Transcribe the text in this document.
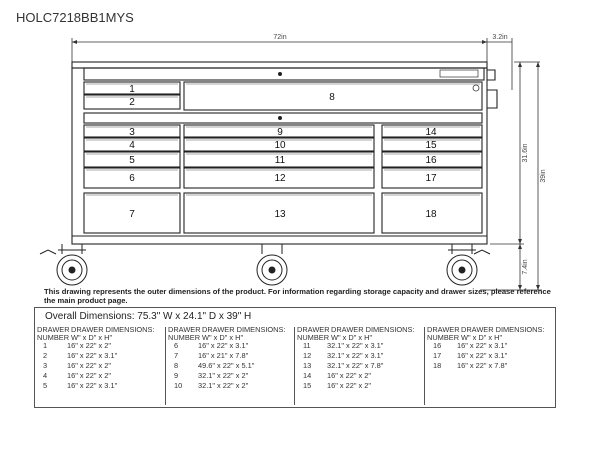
HOLC7218BB1MYS
1
2	8
3
4
5
6
7
9
10
11
12
13
14
15
16
17
18
72in	3.2in
31.6in
39in
7.4in
This drawing represents the outer dimensions of the product. For information regarding storage capacity and drawer sizes, please reference the main product page.
Overall Dimensions: 75.3" W x 24.1" D x 39" H
DRAWER
NUMBER
DRAWER DIMENSIONS:
W" x D" x H"
1	16" x 22" x 2"
2	16" x 22" x 3.1"
3	16" x 22" x 2"
4	16" x 22" x 2"
5	16" x 22" x 3.1"
DRAWER
NUMBER
DRAWER DIMENSIONS:
W" x D" x H"
6	16" x 22" x 3.1"
7	16" x 21" x 7.8"
8	49.6" x 22" x 5.1"
9	32.1" x 22" x 2"
10	32.1" x 22" x 2"
DRAWER
NUMBER
DRAWER DIMENSIONS:
W" x D" x H"
11	32.1" x 22" x 3.1"
12	32.1" x 22" x 3.1"
13	32.1" x 22" x 7.8"
14	16" x 22" x 2"
15	16" x 22" x 2"
DRAWER
NUMBER
DRAWER DIMENSIONS:
W" x D" x H"
16	16" x 22" x 3.1"
17	16" x 22" x 3.1"
18	16" x 22" x 7.8"
